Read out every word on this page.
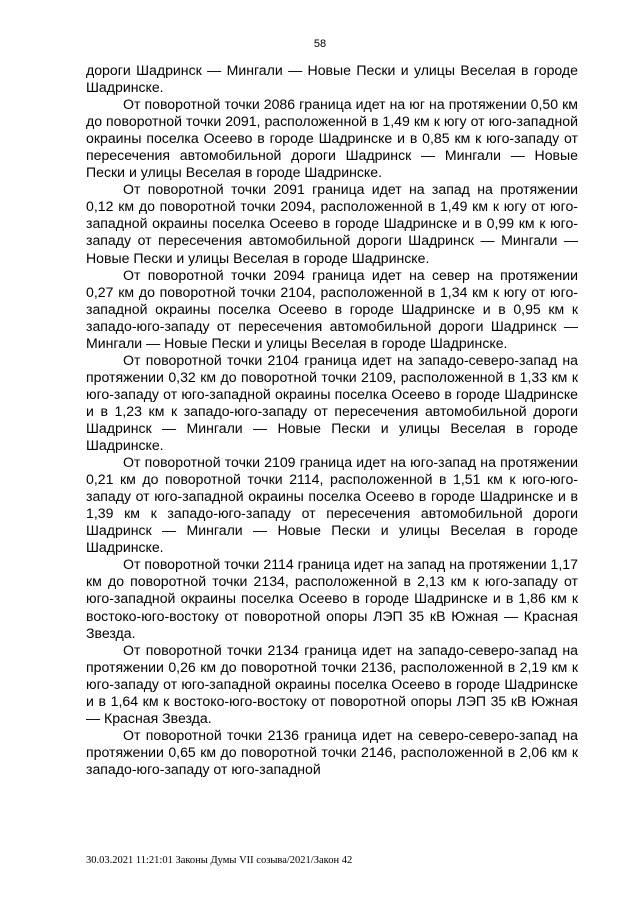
58

дороги Шадринск — Мингали — Новые Пески и улицы Веселая в городе Шадринске.

От поворотной точки 2086 граница идет на юг на протяжении 0,50 км до поворотной точки 2091, расположенной в 1,49 км к югу от юго-западной окраины поселка Осеево в городе Шадринске и в 0,85 км к юго-западу от пересечения автомобильной дороги Шадринск — Мингали — Новые Пески и улицы Веселая в городе Шадринске.

От поворотной точки 2091 граница идет на запад на протяжении 0,12 км до поворотной точки 2094, расположенной в 1,49 км к югу от юго-западной окраины поселка Осеево в городе Шадринске и в 0,99 км к юго-западу от пересечения автомобильной дороги Шадринск — Мингали — Новые Пески и улицы Веселая в городе Шадринске.

От поворотной точки 2094 граница идет на север на протяжении 0,27 км до поворотной точки 2104, расположенной в 1,34 км к югу от юго-западной окраины поселка Осеево в городе Шадринске и в 0,95 км к западо-юго-западу от пересечения автомобильной дороги Шадринск — Мингали — Новые Пески и улицы Веселая в городе Шадринске.

От поворотной точки 2104 граница идет на западо-северо-запад на протяжении 0,32 км до поворотной точки 2109, расположенной в 1,33 км к юго-западу от юго-западной окраины поселка Осеево в городе Шадринске и в 1,23 км к западо-юго-западу от пересечения автомобильной дороги Шадринск — Мингали — Новые Пески и улицы Веселая в городе Шадринске.

От поворотной точки 2109 граница идет на юго-запад на протяжении 0,21 км до поворотной точки 2114, расположенной в 1,51 км к юго-юго-западу от юго-западной окраины поселка Осеево в городе Шадринске и в 1,39 км к западо-юго-западу от пересечения автомобильной дороги Шадринск — Мингали — Новые Пески и улицы Веселая в городе Шадринске.

От поворотной точки 2114 граница идет на запад на протяжении 1,17 км до поворотной точки 2134, расположенной в 2,13 км к юго-западу от юго-западной окраины поселка Осеево в городе Шадринске и в 1,86 км к востоко-юго-востоку от поворотной опоры ЛЭП 35 кВ Южная — Красная Звезда.

От поворотной точки 2134 граница идет на западо-северо-запад на протяжении 0,26 км до поворотной точки 2136, расположенной в 2,19 км к юго-западу от юго-западной окраины поселка Осеево в городе Шадринске и в 1,64 км к востоко-юго-востоку от поворотной опоры ЛЭП 35 кВ Южная — Красная Звезда.

От поворотной точки 2136 граница идет на северо-северо-запад на протяжении 0,65 км до поворотной точки 2146, расположенной в 2,06 км к западо-юго-западу от юго-западной

30.03.2021 11:21:01 Законы Думы VII созыва/2021/Закон 42
